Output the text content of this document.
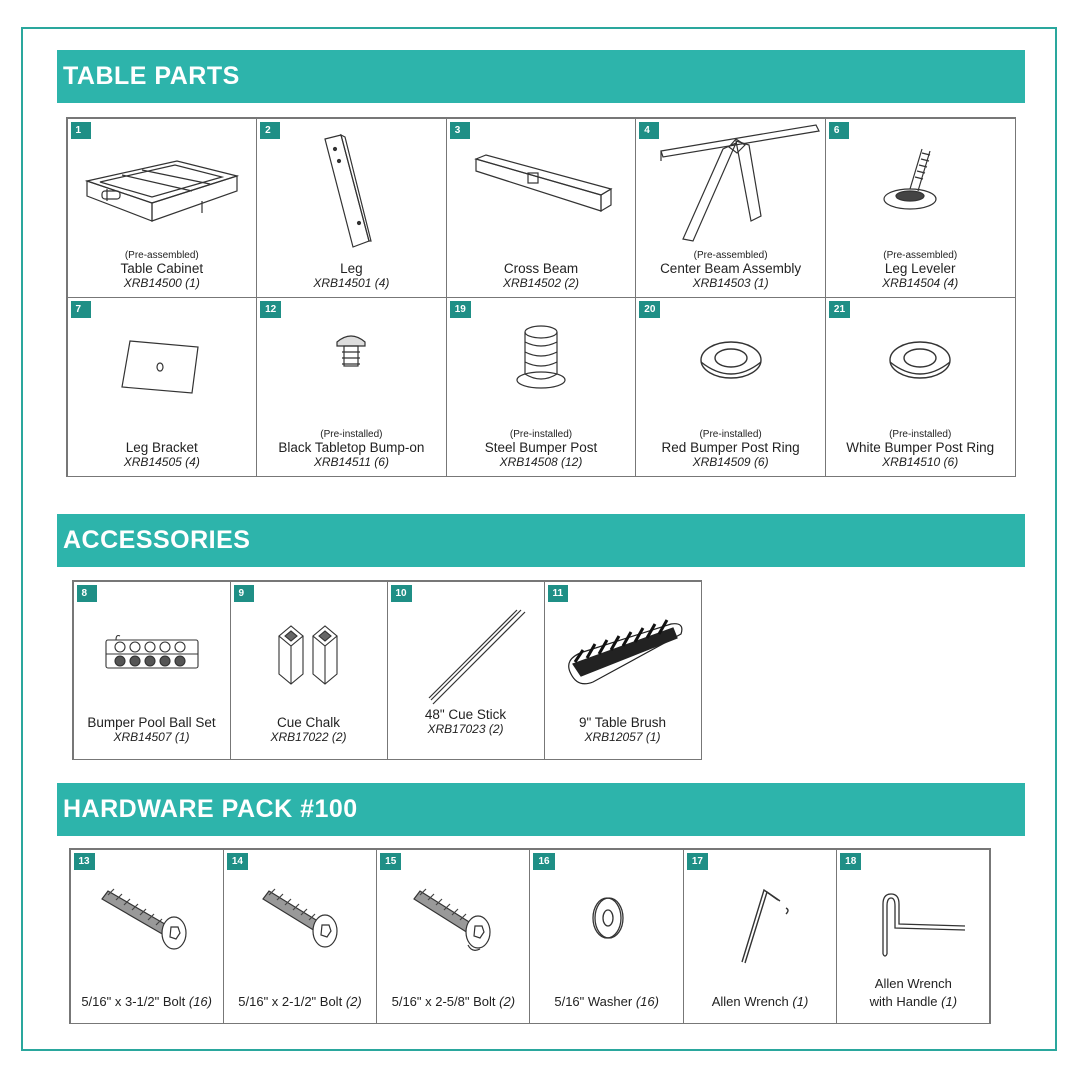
TABLE PARTS
1
(Pre-assembled)
Table Cabinet
XRB14500 (1)
2
Leg
XRB14501 (4)
3
Cross Beam
XRB14502 (2)
4
(Pre-assembled)
Center Beam Assembly
XRB14503 (1)
6
(Pre-assembled)
Leg Leveler
XRB14504 (4)
7
Leg Bracket
XRB14505 (4)
12
(Pre-installed)
Black Tabletop Bump-on
XRB14511 (6)
19
(Pre-installed)
Steel Bumper Post
XRB14508 (12)
20
(Pre-installed)
Red Bumper Post Ring
XRB14509 (6)
21
(Pre-installed)
White Bumper Post Ring
XRB14510 (6)
ACCESSORIES
8
Bumper Pool Ball Set
XRB14507 (1)
9
Cue Chalk
XRB17022 (2)
10
48" Cue Stick
XRB17023 (2)
11
9" Table Brush
XRB12057 (1)
HARDWARE PACK #100
13
5/16" x 3-1/2" Bolt (16)
14
5/16" x 2-1/2" Bolt (2)
15
5/16" x 2-5/8" Bolt (2)
16
5/16" Washer (16)
17
Allen Wrench (1)
18
Allen Wrench
with Handle (1)
